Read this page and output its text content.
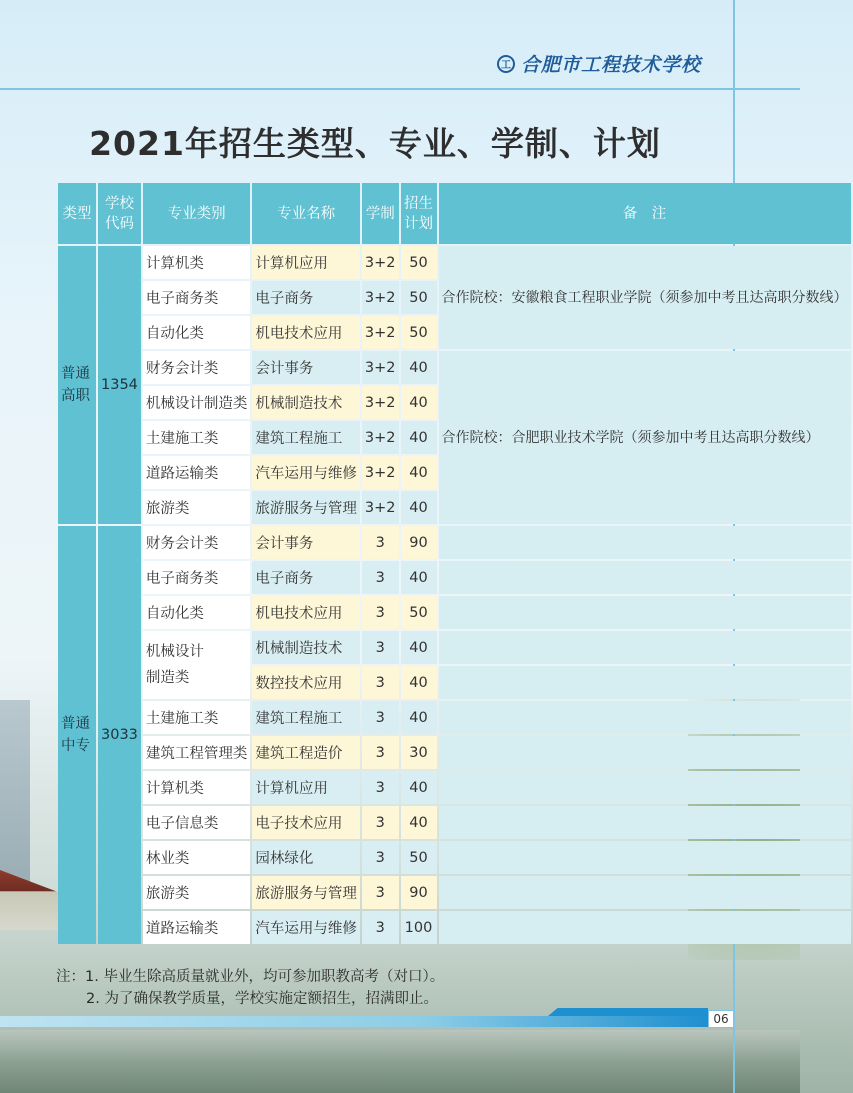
工 合肥市工程技术学校
2021年招生类型、专业、学制、计划
类型	学校代码	专业类别	专业名称	学制	招生计划	备　注
普通高职	1354	计算机类	计算机应用	3+2	50	合作院校：安徽粮食工程职业学院（须参加中考且达高职分数线）
		电子商务类	电子商务	3+2	50	
		自动化类	机电技术应用	3+2	50	
		财务会计类	会计事务	3+2	40	合作院校：合肥职业技术学院（须参加中考且达高职分数线）
		机械设计制造类	机械制造技术	3+2	40	
		土建施工类	建筑工程施工	3+2	40	
		道路运输类	汽车运用与维修	3+2	40	
		旅游类	旅游服务与管理	3+2	40	
普通中专	3033	财务会计类	会计事务	3	90	
		电子商务类	电子商务	3	40	
		自动化类	机电技术应用	3	50	
		机械设计制造类	机械制造技术	3	40	
			数控技术应用	3	40	
		土建施工类	建筑工程施工	3	40	
		建筑工程管理类	建筑工程造价	3	30	
		计算机类	计算机应用	3	40	
		电子信息类	电子技术应用	3	40	
		林业类	园林绿化	3	50	
		旅游类	旅游服务与管理	3	90	
		道路运输类	汽车运用与维修	3	100	
注：1. 毕业生除高质量就业外，均可参加职教高考（对口）。
2. 为了确保教学质量，学校实施定额招生，招满即止。
06
